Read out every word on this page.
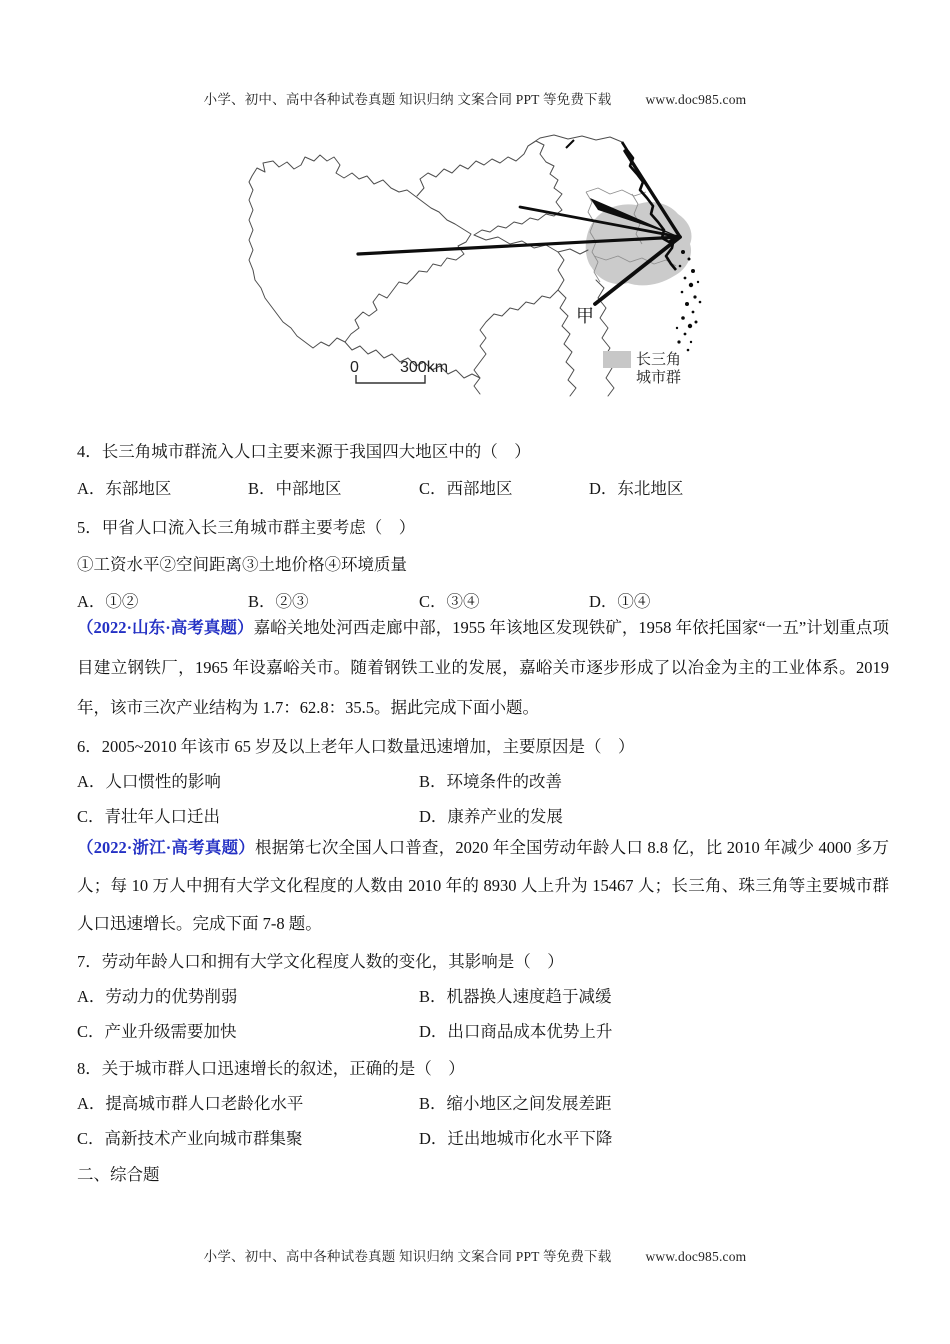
小学、初中、高中各种试卷真题 知识归纳 文案合同 PPT 等免费下载	www.doc985.com
甲
0	300km	长三角
城市群
4．长三角城市群流入人口主要来源于我国四大地区中的（　）
A．东部地区	B．中部地区	C．西部地区	D．东北地区
5．甲省人口流入长三角城市群主要考虑（　）
①工资水平②空间距离③土地价格④环境质量
A．①②	B．②③	C．③④	D．①④
（2022·山东·高考真题）嘉峪关地处河西走廊中部，1955 年该地区发现铁矿，1958 年依托国家“一五”计划重点项目建立钢铁厂，1965 年设嘉峪关市。随着钢铁工业的发展，嘉峪关市逐步形成了以冶金为主的工业体系。2019 年，该市三次产业结构为 1.7：62.8：35.5。据此完成下面小题。
6．2005~2010 年该市 65 岁及以上老年人口数量迅速增加，主要原因是（　）
A．人口惯性的影响	B．环境条件的改善
C．青壮年人口迁出	D．康养产业的发展
（2022·浙江·高考真题）根据第七次全国人口普查，2020 年全国劳动年龄人口 8.8 亿，比 2010 年减少 4000 多万人；每 10 万人中拥有大学文化程度的人数由 2010 年的 8930 人上升为 15467 人；长三角、珠三角等主要城市群人口迅速增长。完成下面 7-8 题。
7．劳动年龄人口和拥有大学文化程度人数的变化，其影响是（　）
A．劳动力的优势削弱	B．机器换人速度趋于减缓
C．产业升级需要加快	D．出口商品成本优势上升
8．关于城市群人口迅速增长的叙述，正确的是（　）
A．提高城市群人口老龄化水平	B．缩小地区之间发展差距
C．高新技术产业向城市群集聚	D．迁出地城市化水平下降
二、综合题
小学、初中、高中各种试卷真题 知识归纳 文案合同 PPT 等免费下载	www.doc985.com
